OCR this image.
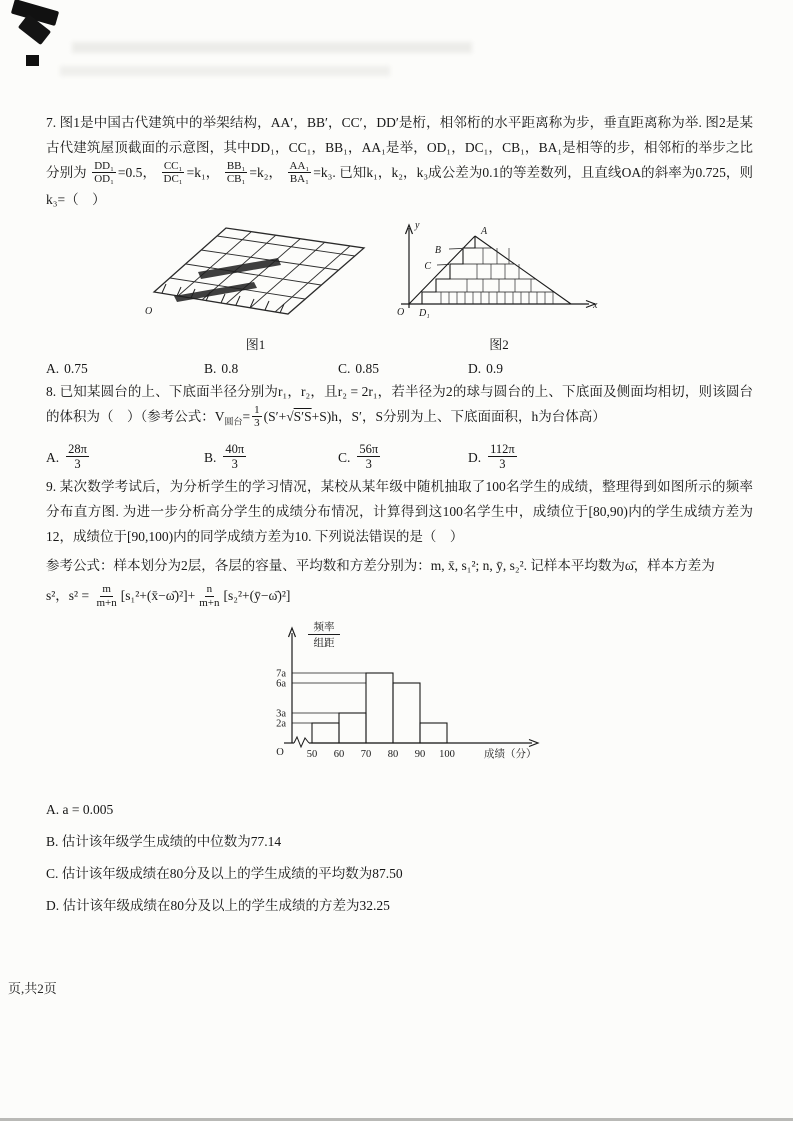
7. 图1是中国古代建筑中的举架结构，AA′，BB′，CC′，DD′是桁，相邻桁的水平距离称为步，垂直距离称为举. 图2是某古代建筑屋顶截面的示意图，其中DD₁，CC₁，BB₁，AA₁是举，OD₁，DC₁，CB₁，BA₁是相等的步，相邻桁的举步之比分别为 $\frac{\text{DD₁}}{\text{OD₁}} =0.5$， $\frac{\text{CC₁}}{\text{DC₁}} =k_1$， $\frac{\text{BB₁}}{\text{CB₁}} =k_2$， $\frac{\text{AA₁}}{\text{BA₁}} =k_3$. 已知k₁，k₂，k₃成公差为0.1的等差数列，且直线OA的斜率为0.725，则k₃=（　）

O
图1
y
x
O D₁
A
B
C
图2
A. 0.75	B. 0.8	C. 0.85	D. 0.9

8. 已知某圆台的上、下底面半径分别为r₁，r₂，且r₂ = 2r₁，若半径为2的球与圆台的上、下底面及侧面均相切，则该圆台的体积为（　）（参考公式：$V_{圆台}= \frac{1}{3} (S'+√S'S+S)h$，S′，S分别为上、下底面面积，h为台体高）

A. $\frac{28\pi}{3}$	B. $\frac{40\pi}{3}$	C. $\frac{56\pi}{3}$	D. $\frac{112\pi}{3}$

9. 某次数学考试后，为分析学生的学习情况，某校从某年级中随机抽取了100名学生的成绩，整理得到如图所示的频率分布直方图. 为进一步分析高分学生的成绩分布情况，计算得到这100名学生中，成绩位于[80,90)内的学生成绩方差为12，成绩位于[90,100)内的同学成绩方差为10. 下列说法错误的是（　）

参考公式：样本划分为2层，各层的容量、平均数和方差分别为：m, x̄, s₁²; n, ȳ, s₂². 记样本平均数为ω̄，样本方差为

s²，$s^2 = \frac{m}{m+n}$ [s₁²+(x̄−ω̄)²]+ $\frac{n}{m+n}$ [s₂²+(ȳ−ω̄)²]

频率
组距
O
2a
3a
6a
7a
50 60 70 80 90 100	成绩（分）
A. a = 0.005
B. 估计该年级学生成绩的中位数为77.14
C. 估计该年级成绩在80分及以上的学生成绩的平均数为87.50
D. 估计该年级成绩在80分及以上的学生成绩的方差为32.25
页,共2页
